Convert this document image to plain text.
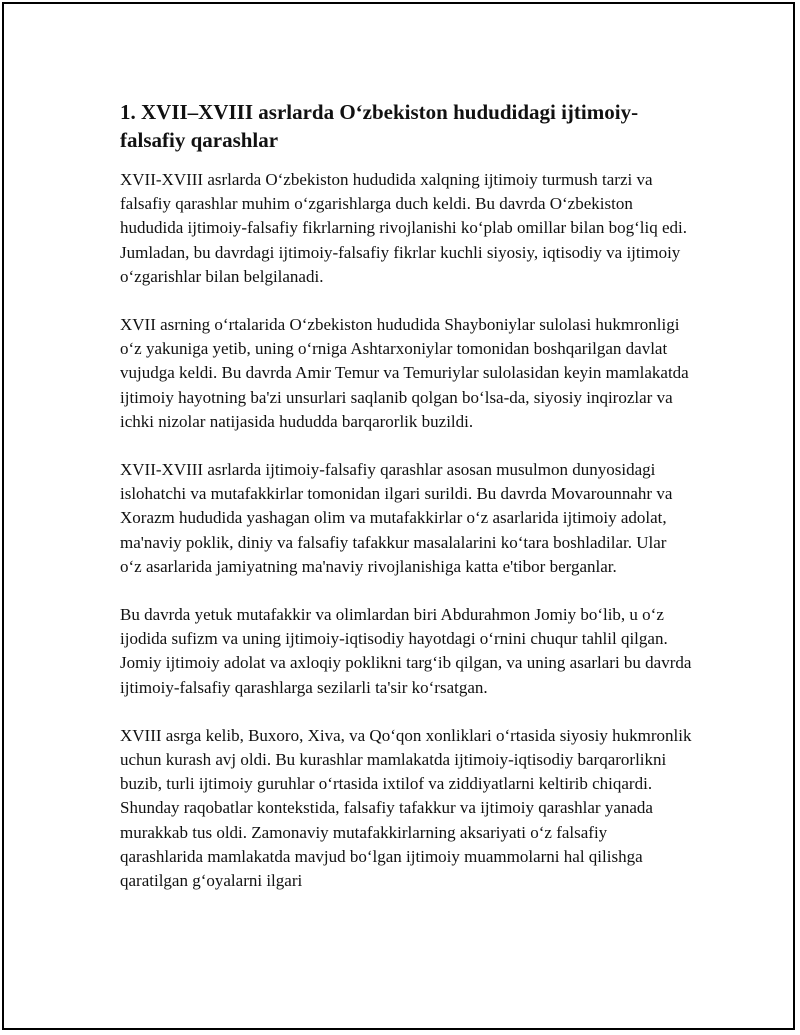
1. XVII–XVIII asrlarda O‘zbekiston hududidagi ijtimoiy-falsafiy qarashlar

XVII-XVIII asrlarda O‘zbekiston hududida xalqning ijtimoiy turmush tarzi va falsafiy qarashlar muhim o‘zgarishlarga duch keldi. Bu davrda O‘zbekiston hududida ijtimoiy-falsafiy fikrlarning rivojlanishi ko‘plab omillar bilan bog‘liq edi. Jumladan, bu davrdagi ijtimoiy-falsafiy fikrlar kuchli siyosiy, iqtisodiy va ijtimoiy o‘zgarishlar bilan belgilanadi.

XVII asrning o‘rtalarida O‘zbekiston hududida Shayboniylar sulolasi hukmronligi o‘z yakuniga yetib, uning o‘rniga Ashtarxoniylar tomonidan boshqarilgan davlat vujudga keldi. Bu davrda Amir Temur va Temuriylar sulolasidan keyin mamlakatda ijtimoiy hayotning ba'zi unsurlari saqlanib qolgan bo‘lsa-da, siyosiy inqirozlar va ichki nizolar natijasida hududda barqarorlik buzildi.

XVII-XVIII asrlarda ijtimoiy-falsafiy qarashlar asosan musulmon dunyosidagi islohatchi va mutafakkirlar tomonidan ilgari surildi. Bu davrda Movarounnahr va Xorazm hududida yashagan olim va mutafakkirlar o‘z asarlarida ijtimoiy adolat, ma'naviy poklik, diniy va falsafiy tafakkur masalalarini ko‘tara boshladilar. Ular o‘z asarlarida jamiyatning ma'naviy rivojlanishiga katta e'tibor berganlar.

Bu davrda yetuk mutafakkir va olimlardan biri Abdurahmon Jomiy bo‘lib, u o‘z ijodida sufizm va uning ijtimoiy-iqtisodiy hayotdagi o‘rnini chuqur tahlil qilgan. Jomiy ijtimoiy adolat va axloqiy poklikni targ‘ib qilgan, va uning asarlari bu davrda ijtimoiy-falsafiy qarashlarga sezilarli ta'sir ko‘rsatgan.

XVIII asrga kelib, Buxoro, Xiva, va Qo‘qon xonliklari o‘rtasida siyosiy hukmronlik uchun kurash avj oldi. Bu kurashlar mamlakatda ijtimoiy-iqtisodiy barqarorlikni buzib, turli ijtimoiy guruhlar o‘rtasida ixtilof va ziddiyatlarni keltirib chiqardi. Shunday raqobatlar kontekstida, falsafiy tafakkur va ijtimoiy qarashlar yanada murakkab tus oldi. Zamonaviy mutafakkirlarning aksariyati o‘z falsafiy qarashlarida mamlakatda mavjud bo‘lgan ijtimoiy muammolarni hal qilishga qaratilgan g‘oyalarni ilgari
